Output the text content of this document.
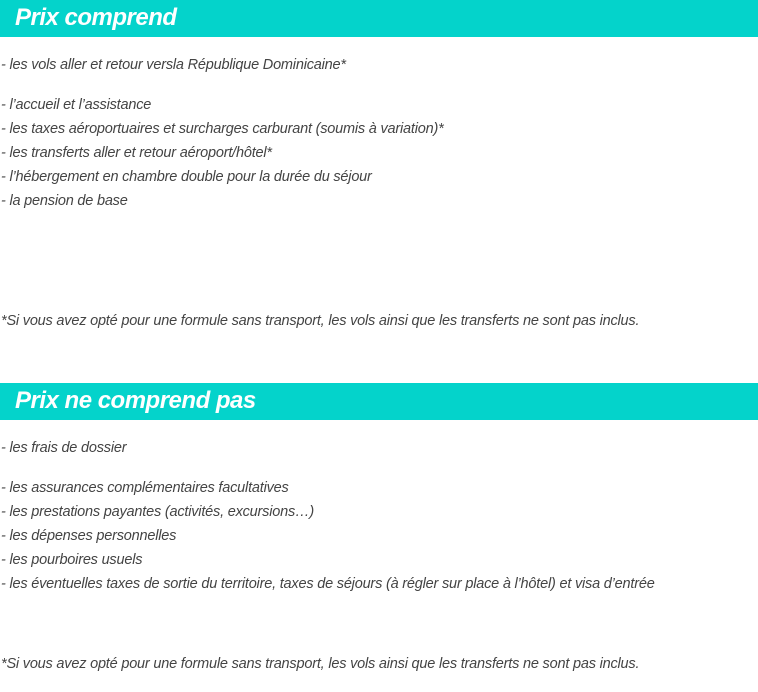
Prix comprend
- les vols aller et retour versla République Dominicaine*
- l’accueil et l’assistance
- les taxes aéroportuaires et surcharges carburant (soumis à variation)*
- les transferts aller et retour aéroport/hôtel*
- l’hébergement en chambre double pour la durée du séjour
- la pension de base
*Si vous avez opté pour une formule sans transport, les vols ainsi que les transferts ne sont pas inclus.
Prix ne comprend pas
- les frais de dossier
- les assurances complémentaires facultatives
- les prestations payantes (activités, excursions…)
- les dépenses personnelles
- les pourboires usuels
- les éventuelles taxes de sortie du territoire, taxes de séjours (à régler sur place à l’hôtel) et visa d’entrée
*Si vous avez opté pour une formule sans transport, les vols ainsi que les transferts ne sont pas inclus.
